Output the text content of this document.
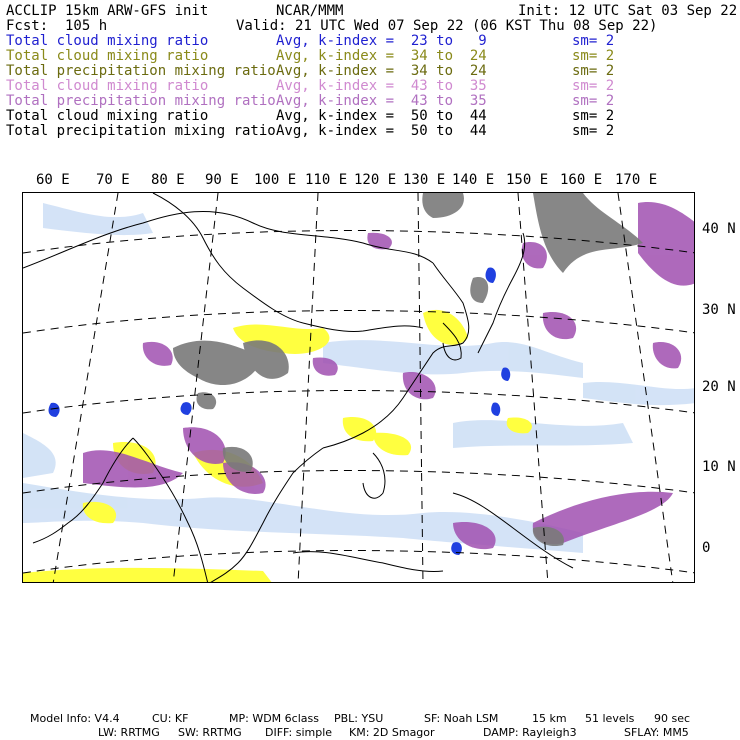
ACCLIP 15km ARW-GFS init	NCAR/MMM	Init: 12 UTC Sat 03 Sep 22
Fcst:  105 h	Valid: 21 UTC Wed 07 Sep 22 (06 KST Thu 08 Sep 22)
Total cloud mixing ratio	Avg, k-index =  23 to   9	sm= 2
Total cloud mixing ratio	Avg, k-index =  34 to  24	sm= 2
Total precipitation mixing ratio Avg, k-index =  34 to  24	sm= 2
Total cloud mixing ratio	Avg, k-index =  43 to  35	sm= 2
Total precipitation mixing ratio Avg, k-index =  43 to  35	sm= 2
Total cloud mixing ratio	Avg, k-index =  50 to  44	sm= 2
Total precipitation mixing ratio Avg, k-index =  50 to  44	sm= 2
60 E 70 E 80 E 90 E 100 E 110 E 120 E 130 E 140 E 150 E 160 E 170 E
40 N
30 N
20 N
10 N
0
Model Info: V4.4	CU: KF	MP: WDM 6class PBL: YSU	SF: Noah LSM	15 km 51 levels 90 sec
LW: RRTMG SW: RRTMG DIFF: simple KM: 2D Smagor	DAMP: Rayleigh3	SFLAY: MM5
